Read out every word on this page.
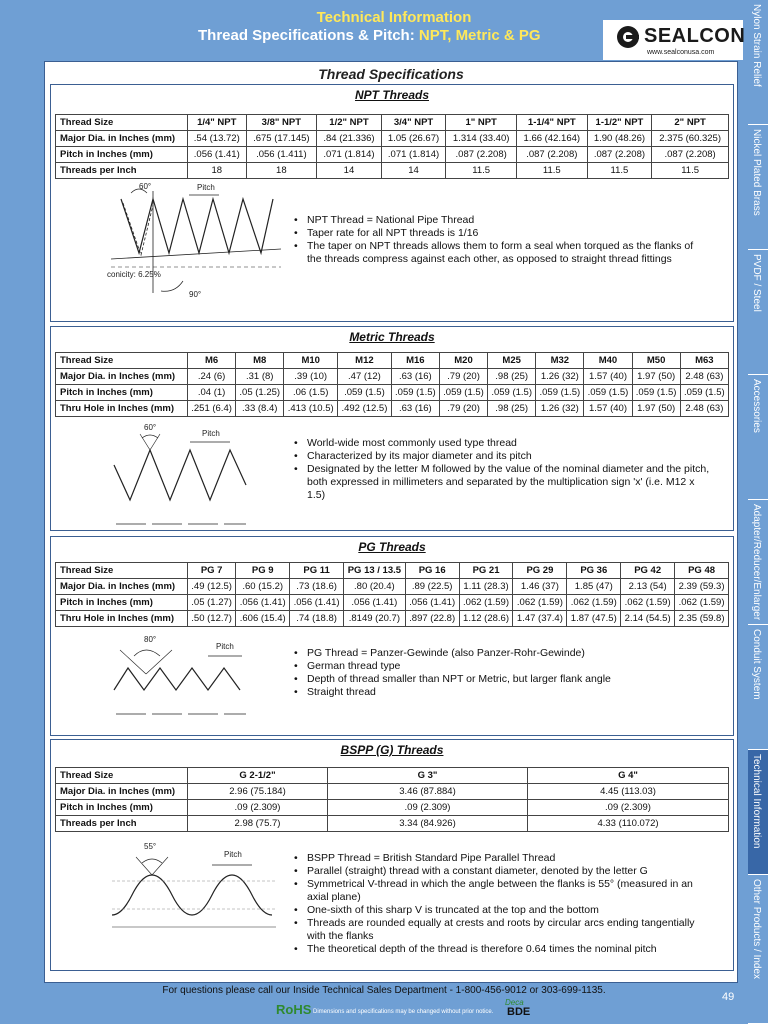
Technical Information
Thread Specifications & Pitch: NPT, Metric & PG	SEALCON
www.sealconusa.com	Nylon Strain Relief
Nickel Plated Brass
PVDF / Steel
Accessories
Adapter/Reducer/Enlarger
Conduit System
Technical Information
Other Products / Index
Thread Specifications
NPT Threads
Thread Size	1/4" NPT	3/8" NPT	1/2" NPT	3/4" NPT	1" NPT	1-1/4" NPT	1-1/2" NPT	2" NPT
Major Dia. in Inches (mm)	.54 (13.72)	.675 (17.145)	.84 (21.336)	1.05 (26.67)	1.314 (33.40)	1.66 (42.164)	1.90 (48.26)	2.375 (60.325)
Pitch in Inches (mm)	.056 (1.41)	.056 (1.411)	.071 (1.814)	.071 (1.814)	.087 (2.208)	.087 (2.208)	.087 (2.208)	.087 (2.208)
Threads per Inch	18	18	14	14	11.5	11.5	11.5	11.5
60°	Pitch
conicity: 6.25%
90°
• NPT Thread = National Pipe Thread
• Taper rate for all NPT threads is 1/16
• The taper on NPT threads allows them to form a seal when torqued as the flanks of the threads compress against each other, as opposed to straight thread fittings
Metric Threads
Thread Size	M6	M8	M10	M12	M16	M20	M25	M32	M40	M50	M63
Major Dia. in Inches (mm)	.24 (6)	.31 (8)	.39 (10)	.47 (12)	.63 (16)	.79 (20)	.98 (25)	1.26 (32)	1.57 (40)	1.97 (50)	2.48 (63)
Pitch in Inches (mm)	.04 (1)	.05 (1.25)	.06 (1.5)	.059 (1.5)	.059 (1.5)	.059 (1.5)	.059 (1.5)	.059 (1.5)	.059 (1.5)	.059 (1.5)	.059 (1.5)
Thru Hole in Inches (mm)	.251 (6.4)	.33 (8.4)	.413 (10.5)	.492 (12.5)	.63 (16)	.79 (20)	.98 (25)	1.26 (32)	1.57 (40)	1.97 (50)	2.48 (63)
60°
Pitch
• World-wide most commonly used type thread
• Characterized by its major diameter and its pitch
• Designated by the letter M followed by the value of the nominal diameter and the pitch, both expressed in millimeters and separated by the multiplication sign 'x' (i.e. M12 x 1.5)
PG Threads
Thread Size	PG 7	PG 9	PG 11	PG 13 / 13.5	PG 16	PG 21	PG 29	PG 36	PG 42	PG 48
Major Dia. in Inches (mm)	.49 (12.5)	.60 (15.2)	.73 (18.6)	.80 (20.4)	.89 (22.5)	1.11 (28.3)	1.46 (37)	1.85 (47)	2.13 (54)	2.39 (59.3)
Pitch in Inches (mm)	.05 (1.27)	.056 (1.41)	.056 (1.41)	.056 (1.41)	.056 (1.41)	.062 (1.59)	.062 (1.59)	.062 (1.59)	.062 (1.59)	.062 (1.59)
Thru Hole in Inches (mm)	.50 (12.7)	.606 (15.4)	.74 (18.8)	.8149 (20.7)	.897 (22.8)	1.12 (28.6)	1.47 (37.4)	1.87 (47.5)	2.14 (54.5)	2.35 (59.8)
80°
Pitch
• PG Thread = Panzer-Gewinde (also Panzer-Rohr-Gewinde)
• German thread type
• Depth of thread smaller than NPT or Metric, but larger flank angle
• Straight thread
BSPP (G) Threads
Thread Size	G 2-1/2"	G 3"	G 4"
Major Dia. in Inches (mm)	2.96 (75.184)	3.46 (87.884)	4.45 (113.03)
Pitch in Inches (mm)	.09 (2.309)	.09 (2.309)	.09 (2.309)
Threads per Inch	2.98 (75.7)	3.34 (84.926)	4.33 (110.072)
55°
Pitch	• BSPP Thread = British Standard Pipe Parallel Thread
• Parallel (straight) thread with a constant diameter, denoted by the letter G
• Symmetrical V-thread in which the angle between the flanks is 55° (measured in an axial plane)
• One-sixth of this sharp V is truncated at the top and the bottom
• Threads are rounded equally at crests and roots by circular arcs ending tangentially with the flanks
• The theoretical depth of the thread is therefore 0.64 times the nominal pitch
For questions please call our Inside Technical Sales Department - 1-800-456-9012 or 303-699-1135.
49
RoHS Dimensions and specifications may be changed without prior notice.
Deca
BDE
